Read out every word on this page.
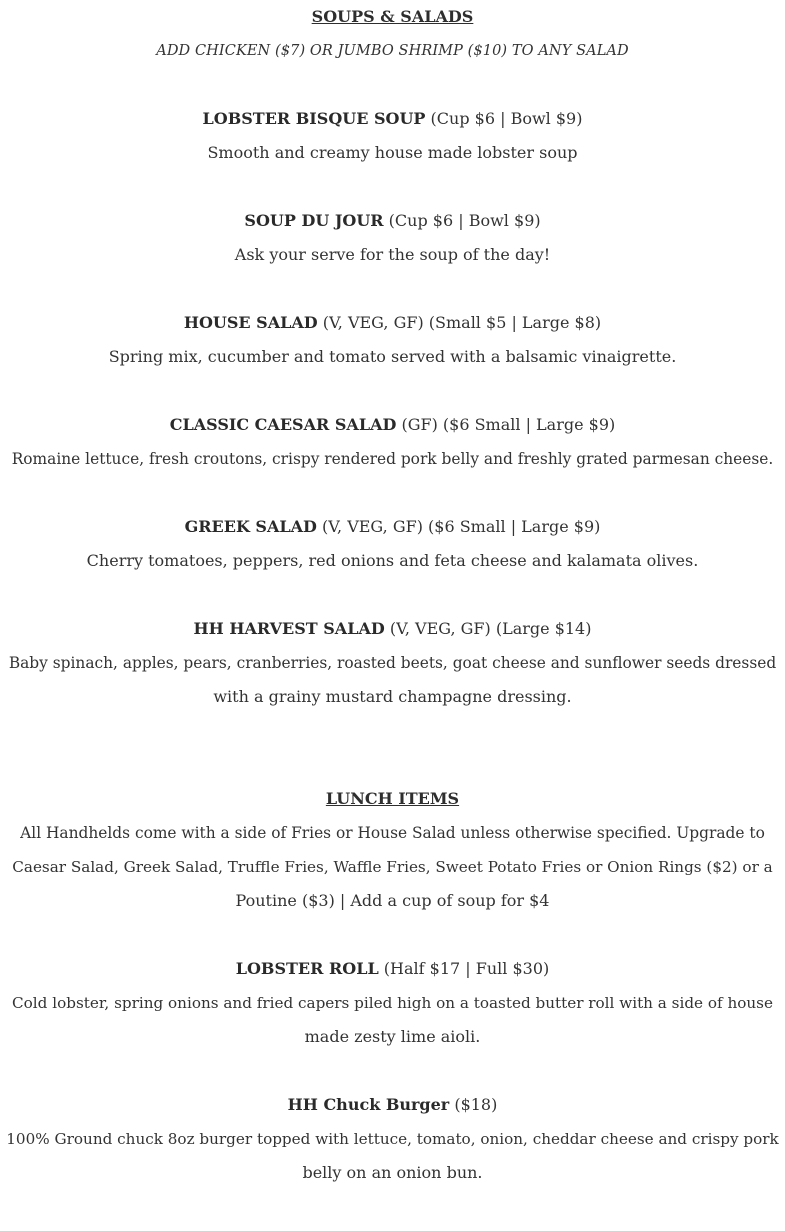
SOUPS & SALADS
ADD CHICKEN ($7) OR JUMBO SHRIMP ($10) TO ANY SALAD
LOBSTER BISQUE SOUP (Cup $6 | Bowl $9)
Smooth and creamy house made lobster soup
SOUP DU JOUR (Cup $6 | Bowl $9)
Ask your serve for the soup of the day!
HOUSE SALAD (V, VEG, GF) (Small $5 | Large $8)
Spring mix, cucumber and tomato served with a balsamic vinaigrette.
CLASSIC CAESAR SALAD (GF) ($6 Small | Large $9)
Romaine lettuce, fresh croutons, crispy rendered pork belly and freshly grated parmesan cheese.
GREEK SALAD (V, VEG, GF) ($6 Small | Large $9)
Cherry tomatoes, peppers, red onions and feta cheese and kalamata olives.
HH HARVEST SALAD (V, VEG, GF) (Large $14)
Baby spinach, apples, pears, cranberries, roasted beets, goat cheese and sunflower seeds dressed
with a grainy mustard champagne dressing.
LUNCH ITEMS
All Handhelds come with a side of Fries or House Salad unless otherwise specified. Upgrade to
Caesar Salad, Greek Salad, Truffle Fries, Waffle Fries, Sweet Potato Fries or Onion Rings ($2) or a
Poutine ($3) | Add a cup of soup for $4
LOBSTER ROLL (Half $17 | Full $30)
Cold lobster, spring onions and fried capers piled high on a toasted butter roll with a side of house
made zesty lime aioli.
HH Chuck Burger ($18)
100% Ground chuck 8oz burger topped with lettuce, tomato, onion, cheddar cheese and crispy pork
belly on an onion bun.
